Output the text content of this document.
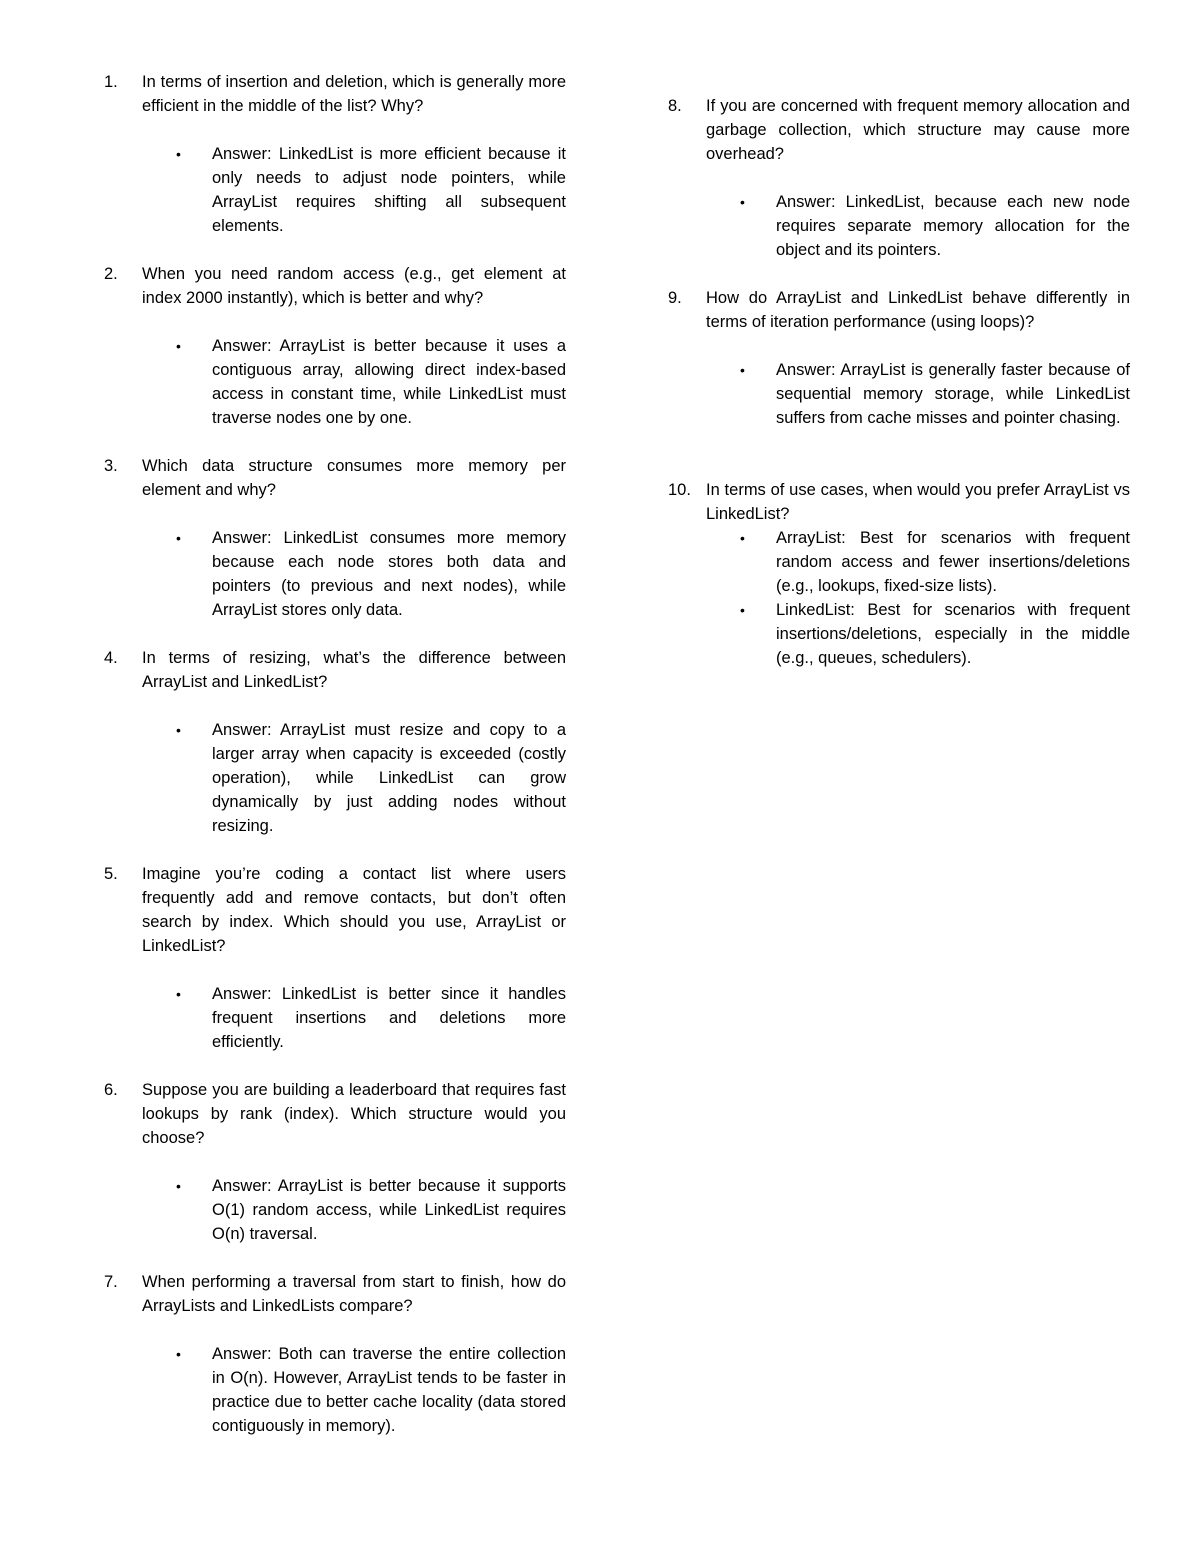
1. In terms of insertion and deletion, which is generally more efficient in the middle of the list? Why?
• Answer: LinkedList is more efficient because it only needs to adjust node pointers, while ArrayList requires shifting all subsequent elements.
2. When you need random access (e.g., get element at index 2000 instantly), which is better and why?
• Answer: ArrayList is better because it uses a contiguous array, allowing direct index-based access in constant time, while LinkedList must traverse nodes one by one.
3. Which data structure consumes more memory per element and why?
• Answer: LinkedList consumes more memory because each node stores both data and pointers (to previous and next nodes), while ArrayList stores only data.
4. In terms of resizing, what’s the difference between ArrayList and LinkedList?
• Answer: ArrayList must resize and copy to a larger array when capacity is exceeded (costly operation), while LinkedList can grow dynamically by just adding nodes without resizing.
5. Imagine you’re coding a contact list where users frequently add and remove contacts, but don’t often search by index. Which should you use, ArrayList or LinkedList?
• Answer: LinkedList is better since it handles frequent insertions and deletions more efficiently.
6. Suppose you are building a leaderboard that requires fast lookups by rank (index). Which structure would you choose?
• Answer: ArrayList is better because it supports O(1) random access, while LinkedList requires O(n) traversal.
7. When performing a traversal from start to finish, how do ArrayLists and LinkedLists compare?
• Answer: Both can traverse the entire collection in O(n). However, ArrayList tends to be faster in practice due to better cache locality (data stored contiguously in memory).
8. If you are concerned with frequent memory allocation and garbage collection, which structure may cause more overhead?
• Answer: LinkedList, because each new node requires separate memory allocation for the object and its pointers.
9. How do ArrayList and LinkedList behave differently in terms of iteration performance (using loops)?
• Answer: ArrayList is generally faster because of sequential memory storage, while LinkedList suffers from cache misses and pointer chasing.
10. In terms of use cases, when would you prefer ArrayList vs LinkedList?
• ArrayList: Best for scenarios with frequent random access and fewer insertions/deletions (e.g., lookups, fixed-size lists).
• LinkedList: Best for scenarios with frequent insertions/deletions, especially in the middle (e.g., queues, schedulers).
